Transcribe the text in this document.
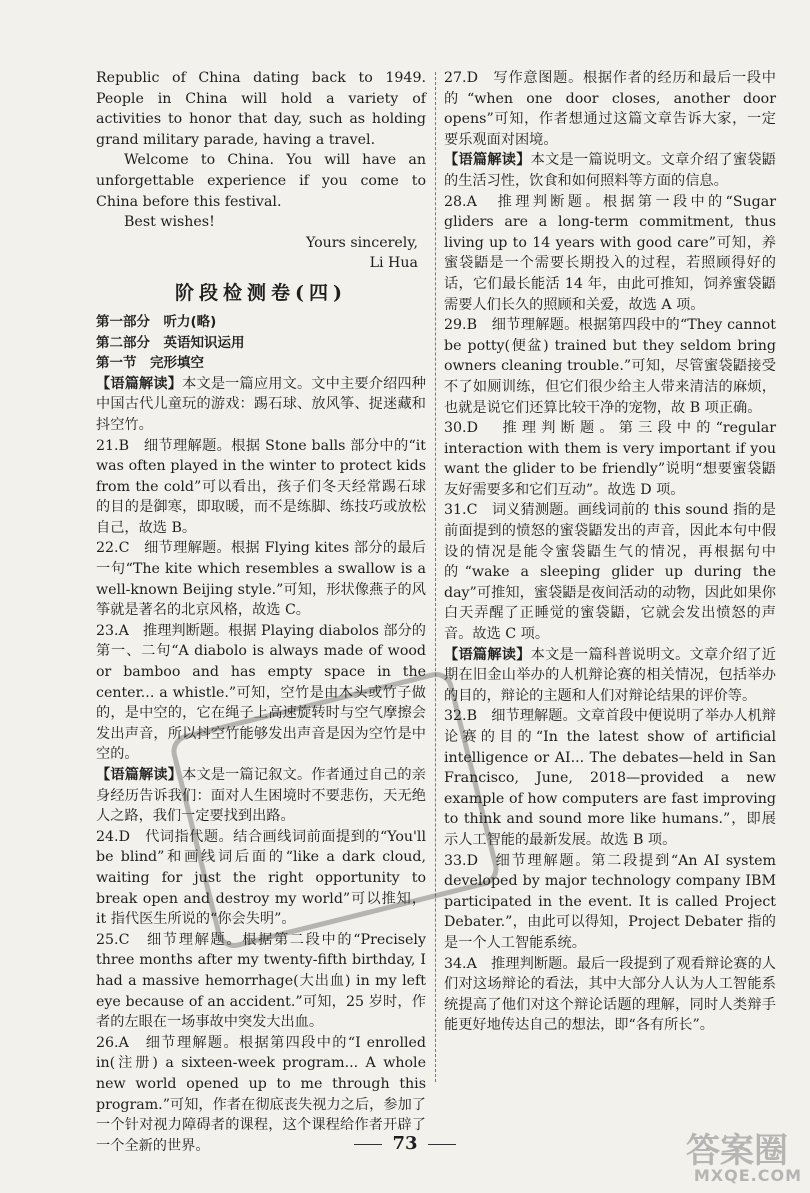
Republic of China dating back to 1949. People in China will hold a variety of activities to honor that day, such as holding grand military parade, having a travel.

Welcome to China. You will have an unforgettable experience if you come to China before this festival.

Best wishes!

Yours sincerely,

Li Hua

阶段检测卷(四)

第一部分　听力(略)

第二部分　英语知识运用

第一节　完形填空

【语篇解读】本文是一篇应用文。文中主要介绍四种中国古代儿童玩的游戏：踢石球、放风筝、捉迷藏和抖空竹。

21.B　细节理解题。根据 Stone balls 部分中的“it was often played in the winter to protect kids from the cold”可以看出，孩子们冬天经常踢石球的目的是御寒，即取暖，而不是练脚、练技巧或放松自己，故选 B。

22.C　细节理解题。根据 Flying kites 部分的最后一句“The kite which resembles a swallow is a well-known Beijing style.”可知，形状像燕子的风筝就是著名的北京风格，故选 C。

23.A　推理判断题。根据 Playing diabolos 部分的第一、二句“A diabolo is always made of wood or bamboo and has empty space in the center... a whistle.”可知，空竹是由木头或竹子做的，是中空的，它在绳子上高速旋转时与空气摩擦会发出声音，所以抖空竹能够发出声音是因为空竹是中空的。

【语篇解读】本文是一篇记叙文。作者通过自己的亲身经历告诉我们：面对人生困境时不要悲伤，天无绝人之路，我们一定要找到出路。

24.D　代词指代题。结合画线词前面提到的“You'll be blind”和画线词后面的“like a dark cloud, waiting for just the right opportunity to break open and destroy my world”可以推知，it 指代医生所说的“你会失明”。

25.C　细节理解题。根据第二段中的“Precisely three months after my twenty-fifth birthday, I had a massive hemorrhage(大出血) in my left eye because of an accident.”可知，25 岁时，作者的左眼在一场事故中突发大出血。

26.A　细节理解题。根据第四段中的“I enrolled in(注册) a sixteen-week program... A whole new world opened up to me through this program.”可知，作者在彻底丧失视力之后，参加了一个针对视力障碍者的课程，这个课程给作者开辟了一个全新的世界。

27.D　写作意图题。根据作者的经历和最后一段中的“when one door closes, another door opens”可知，作者想通过这篇文章告诉大家，一定要乐观面对困境。

【语篇解读】本文是一篇说明文。文章介绍了蜜袋鼯的生活习性，饮食和如何照料等方面的信息。

28.A　推理判断题。根据第一段中的“Sugar gliders are a long-term commitment, thus living up to 14 years with good care”可知，养蜜袋鼯是一个需要长期投入的过程，若照顾得好的话，它们最长能活 14 年，由此可推知，饲养蜜袋鼯需要人们长久的照顾和关爱，故选 A 项。

29.B　细节理解题。根据第四段中的“They cannot be potty(便盆) trained but they seldom bring owners cleaning trouble.”可知，尽管蜜袋鼯接受不了如厕训练，但它们很少给主人带来清洁的麻烦，也就是说它们还算比较干净的宠物，故 B 项正确。

30.D　推理判断题。第三段中的“regular interaction with them is very important if you want the glider to be friendly”说明“想要蜜袋鼯友好需要多和它们互动”。故选 D 项。

31.C　词义猜测题。画线词前的 this sound 指的是前面提到的愤怒的蜜袋鼯发出的声音，因此本句中假设的情况是能令蜜袋鼯生气的情况，再根据句中的“wake a sleeping glider up during the day”可推知，蜜袋鼯是夜间活动的动物，因此如果你白天弄醒了正睡觉的蜜袋鼯，它就会发出愤怒的声音。故选 C 项。

【语篇解读】本文是一篇科普说明文。文章介绍了近期在旧金山举办的人机辩论赛的相关情况，包括举办的目的，辩论的主题和人们对辩论结果的评价等。

32.B　细节理解题。文章首段中便说明了举办人机辩论赛的目的“In the latest show of artificial intelligence or AI... The debates—held in San Francisco, June, 2018—provided a new example of how computers are fast improving to think and sound more like humans.”，即展示人工智能的最新发展。故选 B 项。

33.D　细节理解题。第二段提到“An AI system developed by major technology company IBM participated in the event. It is called Project Debater.”，由此可以得知，Project Debater 指的是一个人工智能系统。

34.A　推理判断题。最后一段提到了观看辩论赛的人们对这场辩论的看法，其中大部分人认为人工智能系统提高了他们对这个辩论话题的理解，同时人类辩手能更好地传达自己的想法，即“各有所长”。

73	答案圈
MXQE.COM
